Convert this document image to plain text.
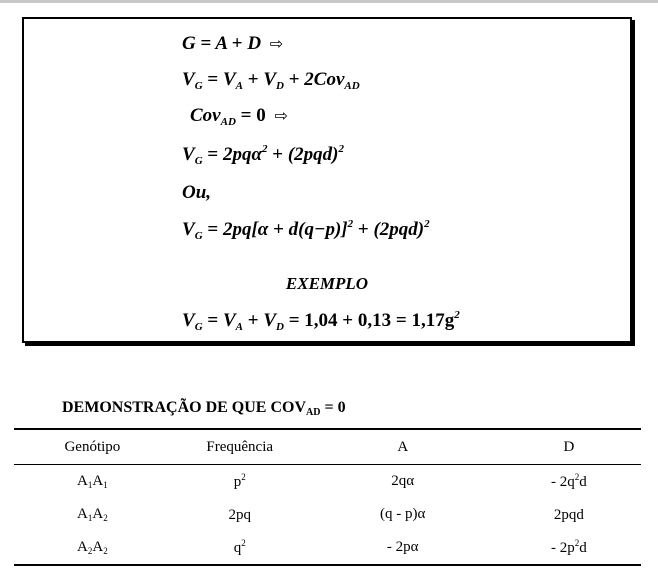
G = A + D ⇨
$V_G = V_A + V_D + 2Cov_{AD}$
Cov$_{AD}$ = 0 ⇨
$V_G = 2pq\alpha^2 + (2pqd)^2$
Ou,
$V_G = 2pq[\alpha + d(q-p)]^2 + (2pqd)^2$
EXEMPLO
$V_G = V_A + V_D = 1,04 + 0,13 = 1,17g^2$
DEMONSTRAÇÃO DE QUE $COV_{AD} = 0$
Genótipo	Frequência	A	D
$A_1A_1$	$p^2$	2qα	- $2q^2d$
$A_1A_2$	2pq	(q - p)α	2pqd
$A_2A_2$	$q^2$	- 2pα	- $2p^2d$
